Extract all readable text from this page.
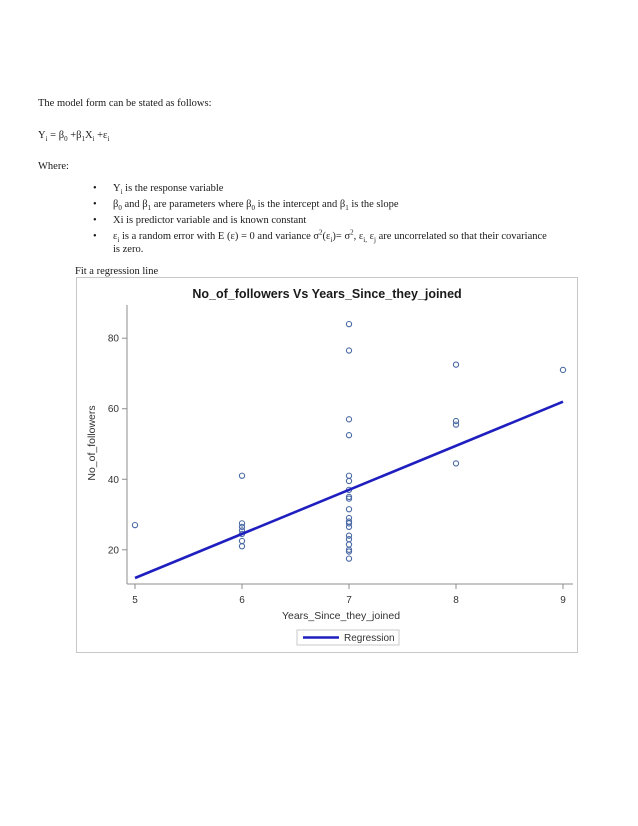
The model form can be stated as follows:
$Y_i = \beta_0 +\beta_1X_i +\varepsilon_i$
Where:
• $Y_i$ is the response variable
• $\beta_0$ and $\beta_1$ are parameters where $\beta_0$ is the intercept and $\beta_1$ is the slope
• Xi is predictor variable and is known constant
• $\varepsilon_i$ is a random error with E (ε) = 0 and variance $\sigma^2(\varepsilon_i)= \sigma^2$, $\varepsilon_{i,}$ $\varepsilon_j$ are uncorrelated so that their covariance
is zero.
Fit a regression line
No_of_followers Vs Years_Since_they_joined
Years_Since_they_joined
No_of_followers
5	6	7	8	9
20
40
60
80
Regression
